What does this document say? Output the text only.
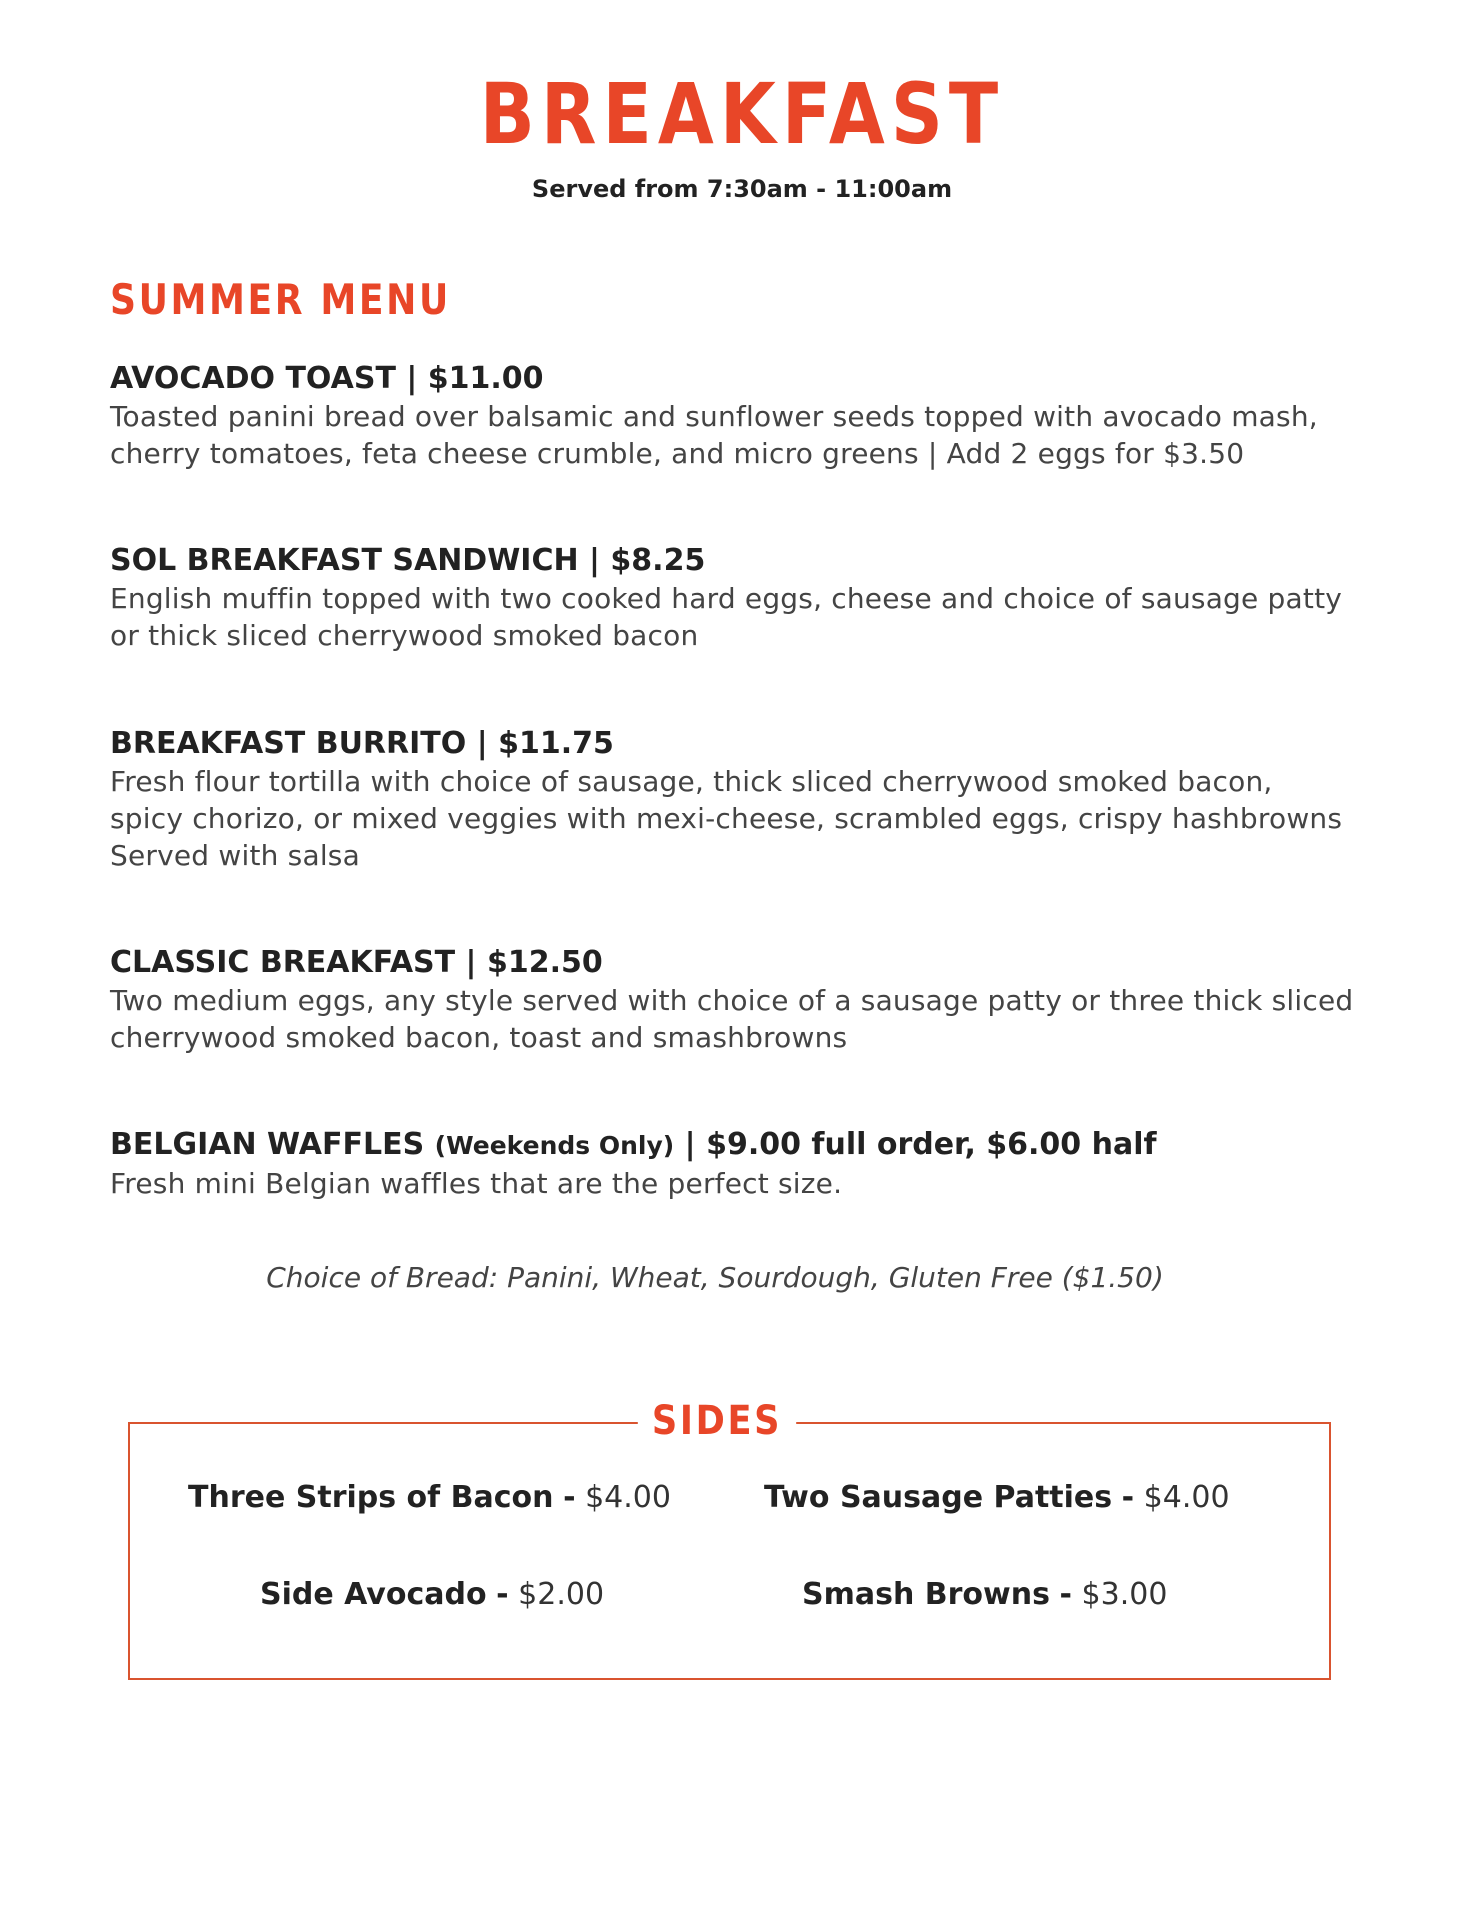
BREAKFAST
Served from 7:30am - 11:00am
SUMMER MENU
AVOCADO TOAST | $11.00
Toasted panini bread over balsamic and sunflower seeds topped with avocado mash,
cherry tomatoes, feta cheese crumble, and micro greens | Add 2 eggs for $3.50
SOL BREAKFAST SANDWICH | $8.25
English muffin topped with two cooked hard eggs, cheese and choice of sausage patty
or thick sliced cherrywood smoked bacon
BREAKFAST BURRITO | $11.75
Fresh flour tortilla with choice of sausage, thick sliced cherrywood smoked bacon,
spicy chorizo, or mixed veggies with mexi-cheese, scrambled eggs, crispy hashbrowns
Served with salsa
CLASSIC BREAKFAST | $12.50
Two medium eggs, any style served with choice of a sausage patty or three thick sliced
cherrywood smoked bacon, toast and smashbrowns
BELGIAN WAFFLES (Weekends Only) | $9.00 full order, $6.00 half
Fresh mini Belgian waffles that are the perfect size.
Choice of Bread: Panini, Wheat, Sourdough, Gluten Free ($1.50)
SIDES
Three Strips of Bacon - $4.00	Two Sausage Patties - $4.00
Side Avocado - $2.00	Smash Browns - $3.00
